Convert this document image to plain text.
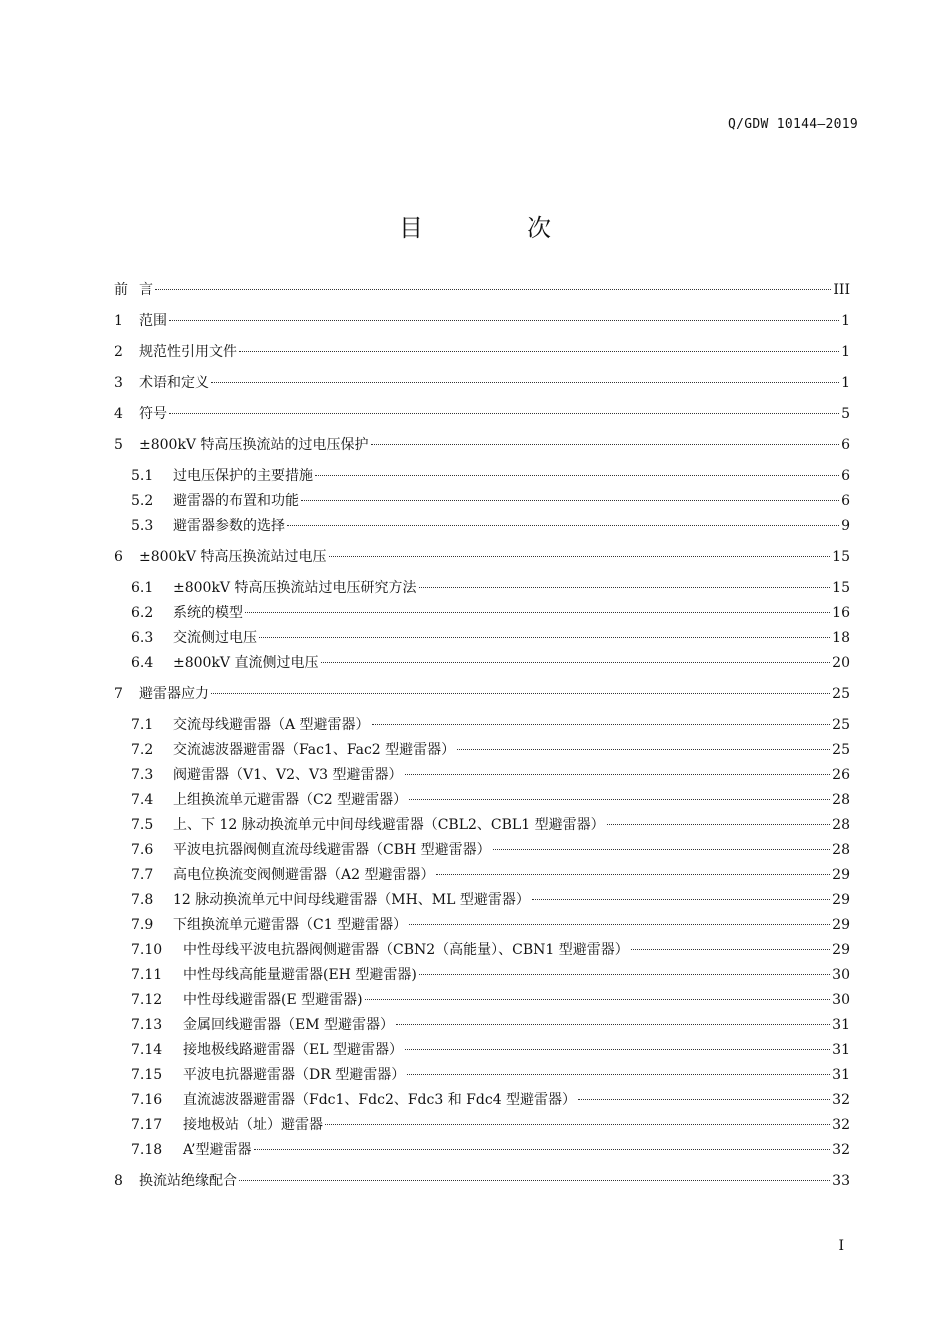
Q/GDW 10144—2019
目　次
前 言	III
1	范围	1
2	规范性引用文件	1
3	术语和定义	1
4	符号	5
5	±800kV 特高压换流站的过电压保护	6
5.1	过电压保护的主要措施	6
5.2	避雷器的布置和功能	6
5.3	避雷器参数的选择	9
6	±800kV 特高压换流站过电压	15
6.1	±800kV 特高压换流站过电压研究方法	15
6.2	系统的模型	16
6.3	交流侧过电压	18
6.4	±800kV 直流侧过电压	20
7	避雷器应力	25
7.1	交流母线避雷器（A 型避雷器）	25
7.2	交流滤波器避雷器（Fac1、Fac2 型避雷器）	25
7.3	阀避雷器（V1、V2、V3 型避雷器）	26
7.4	上组换流单元避雷器（C2 型避雷器）	28
7.5	上、下 12 脉动换流单元中间母线避雷器（CBL2、CBL1 型避雷器）	28
7.6	平波电抗器阀侧直流母线避雷器（CBH 型避雷器）	28
7.7	高电位换流变阀侧避雷器（A2 型避雷器）	29
7.8	12 脉动换流单元中间母线避雷器（MH、ML 型避雷器）	29
7.9	下组换流单元避雷器（C1 型避雷器）	29
7.10	中性母线平波电抗器阀侧避雷器（CBN2（高能量）、CBN1 型避雷器）	29
7.11	中性母线高能量避雷器(EH 型避雷器)	30
7.12	中性母线避雷器(E 型避雷器)	30
7.13	金属回线避雷器（EM 型避雷器）	31
7.14	接地极线路避雷器（EL 型避雷器）	31
7.15	平波电抗器避雷器（DR 型避雷器）	31
7.16	直流滤波器避雷器（Fdc1、Fdc2、Fdc3 和 Fdc4 型避雷器）	32
7.17	接地极站（址）避雷器	32
7.18	A’型避雷器	32
8	换流站绝缘配合	33
I
